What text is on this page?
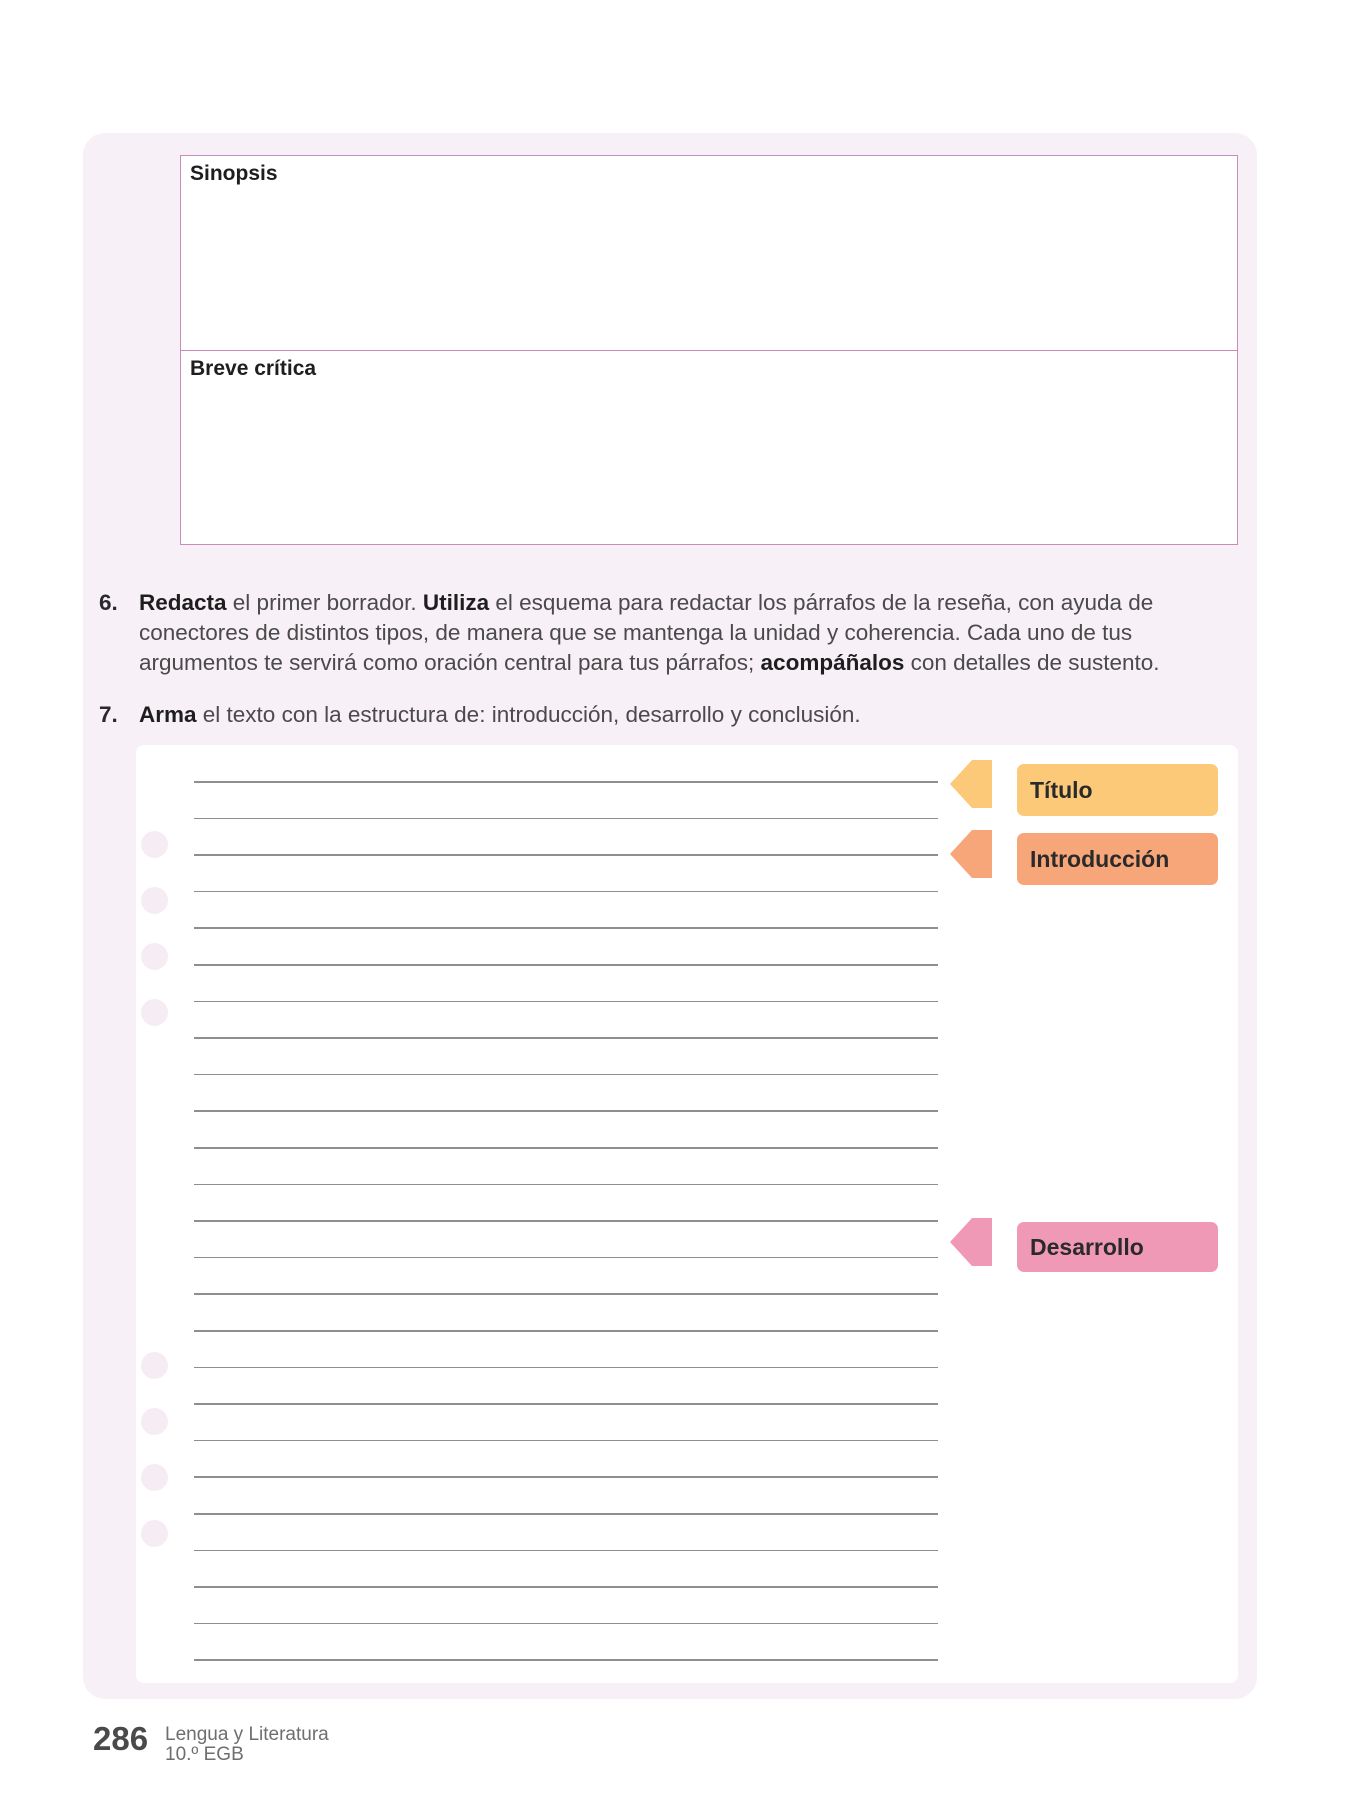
Sinopsis
Breve crítica
6. Redacta el primer borrador. Utiliza el esquema para redactar los párrafos de la reseña, con ayuda de conectores de distintos tipos, de manera que se mantenga la unidad y coherencia. Cada uno de tus argumentos te servirá como oración central para tus párrafos; acompáñalos con detalles de sustento.
7. Arma el texto con la estructura de: introducción, desarrollo y conclusión.
Título
Introducción
Desarrollo
286 Lengua y Literatura
10.º EGB
